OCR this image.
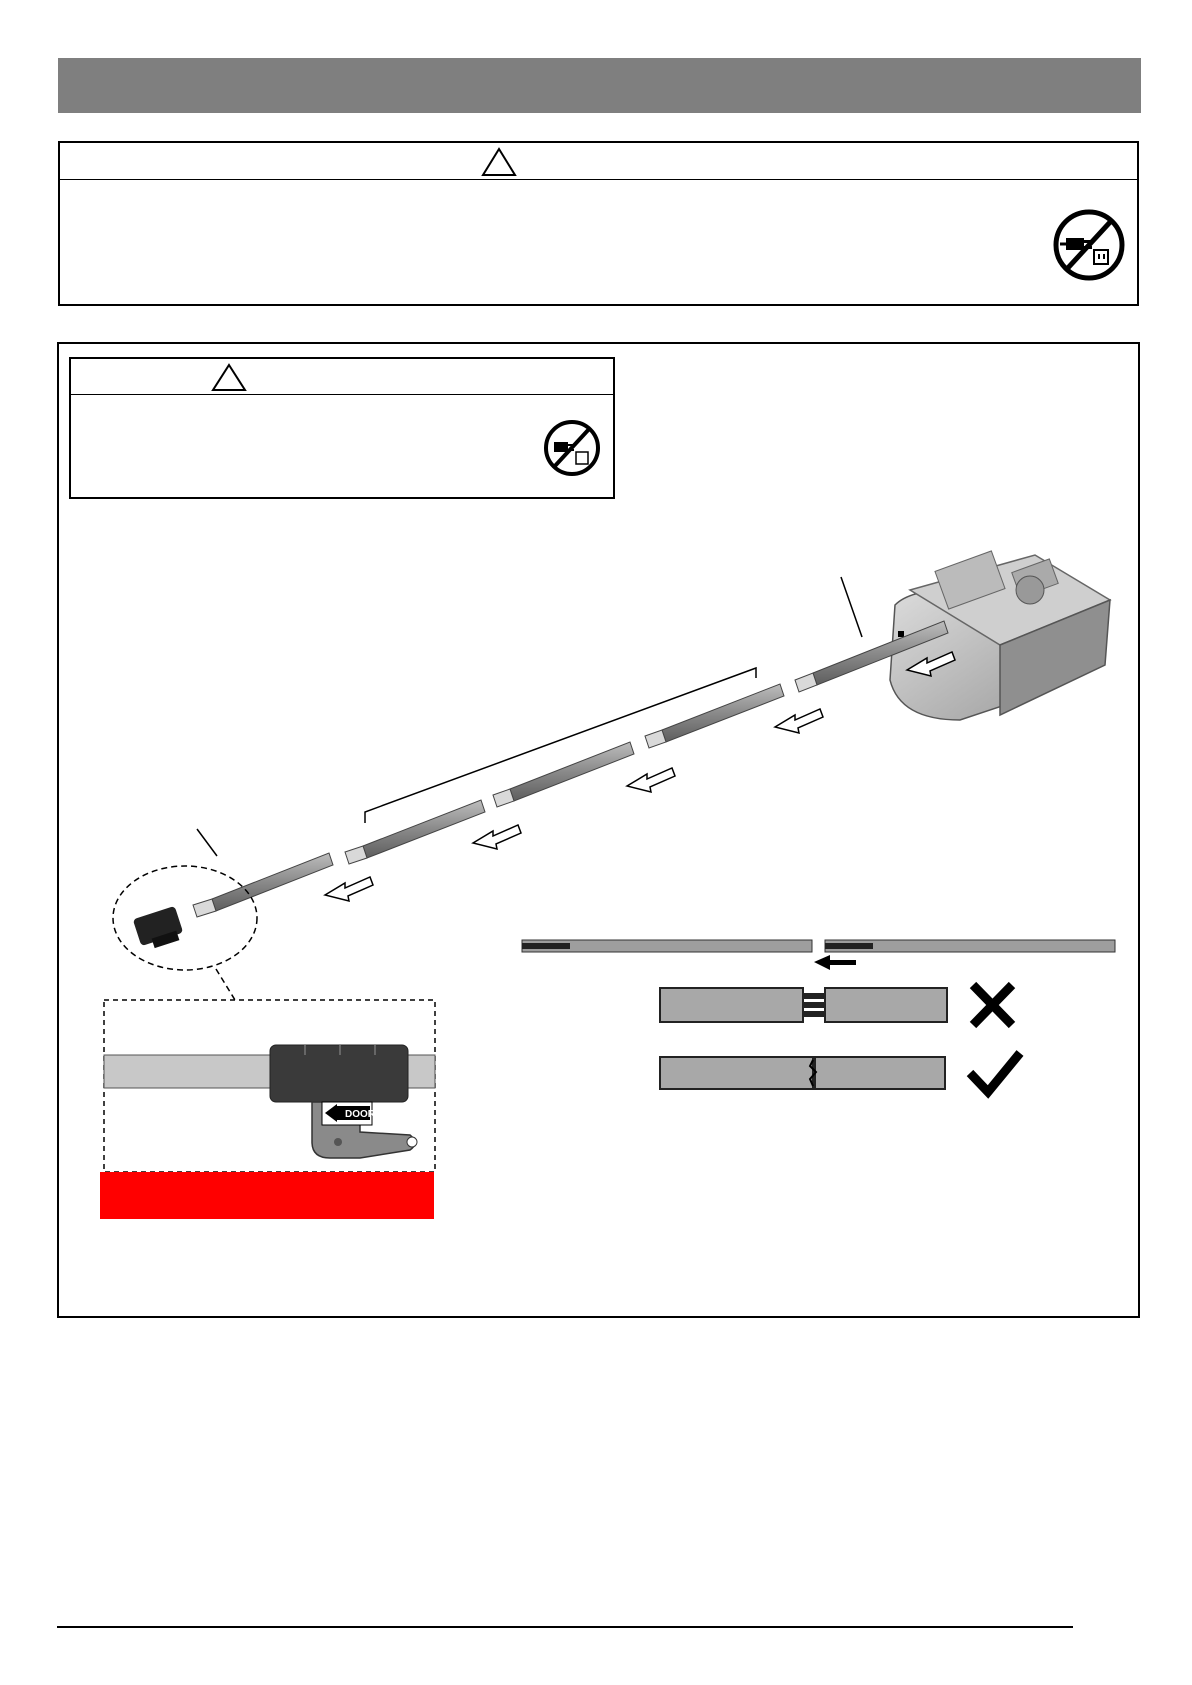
DOOR
